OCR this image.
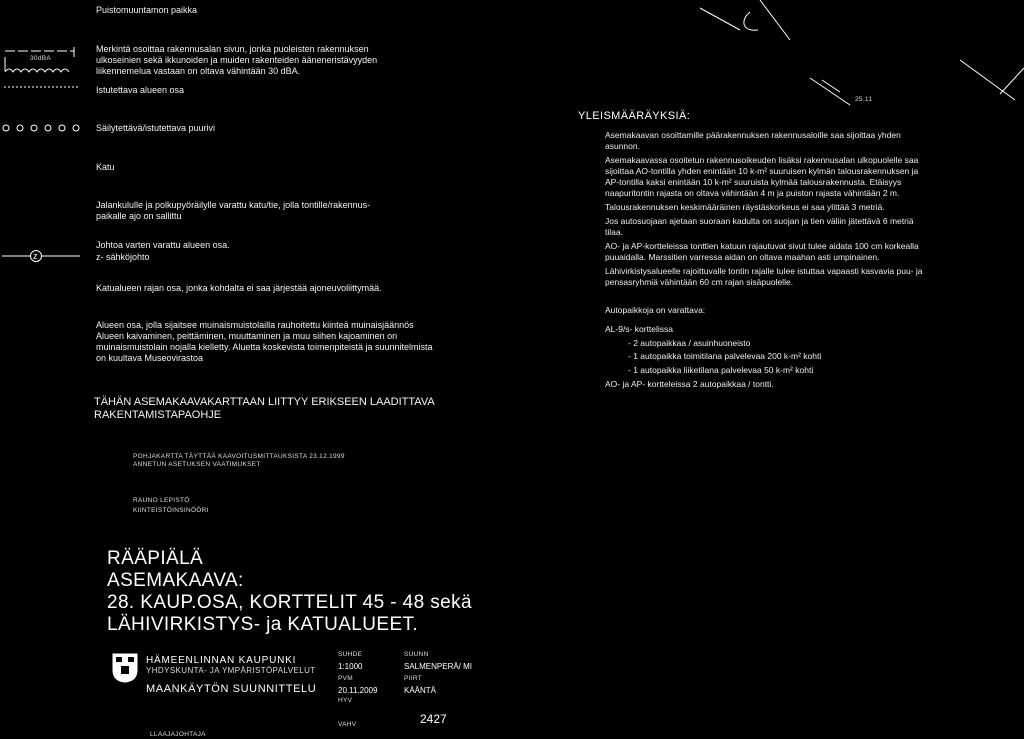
Puistomuuntamon paikka
30dBA
Merkintä osoittaa rakennusalan sivun, jonka puoleisten rakennuksen
ulkoseinien sekä ikkunoiden ja muiden rakenteiden ääneneristävyyden
liikennemelua vastaan on oltava vähintään 30 dBA.
Istutettava alueen osa
Säilytettävä/istutettava puurivi
Katu
Jalankululle ja polkupyöräilylle varattu katu/tie, jolla tontille/rakennus-
paikalle ajo on sallittu
z
Johtoa varten varattu alueen osa.
z- sähköjohto
Katualueen rajan osa, jonka kohdalta ei saa järjestää ajoneuvoliittymää.
Alueen osa, jolla sijaitsee muinaismuistolailla rauhoitettu kiinteä muinaisjäännös
Alueen kaivaminen, peittäminen, muuttaminen ja muu siihen kajoaminen on
muinaismuistolain nojalla kielletty. Aluetta koskevista toimenpiteistä ja suunnitelmista
on kuultava Museovirastoa
TÄHÄN ASEMAKAAVAKARTTAAN LIITTYY ERIKSEEN LAADITTAVA
RAKENTAMISTAPAOHJE
POHJAKARTTA TÄYTTÄÄ KAAVOITUSMITTAUKSISTA 23.12.1999
ANNETUN ASETUKSEN VAATIMUKSET
RAUNO LEPISTÖ
KIINTEISTÖINSINÖÖRI
RÄÄPIÄLÄ
ASEMAKAAVA:
28. KAUP.OSA, KORTTELIT 45 - 48 sekä
LÄHIVIRKISTYS- ja KATUALUEET.
HÄMEENLINNAN KAUPUNKI
YHDYSKUNTA- JA YMPÄRISTÖPALVELUT
MAANKÄYTÖN SUUNNITTELU
LLAAJAJOHTAJA
SUHDE
1:1000
PVM
20.11.2009
HYV
VAHV
SUUNN
SALMENPERÄ/ MI
PIIRT
KÄÄNTÄ
2427
25.11
YLEISMÄÄRÄYKSIÄ:
Asemakaavan osoittamille päärakennuksen rakennusaloille saa sijoittaa yhden
asunnon.
Asemakaavassa osoitetun rakennusoikeuden lisäksi rakennusalan ulkopuolelle saa
sijoittaa AO-tontilla yhden enintään 10 k-m² suuruisen kylmän talousrakennuksen ja
AP-tontilla kaksi enintään 10 k-m² suuruista kylmää talousrakennusta. Etäisyys
naapuritontin rajasta on oltava vähintään 4 m ja puiston rajasta vähintään 2 m.
Talousrakennuksen keskimääräinen räystäskorkeus ei saa ylittää 3 metriä.
Jos autosuojaan ajetaan suoraan kadulta on suojan ja tien väliin jätettävä 6 metriä
tilaa.
AO- ja AP-kortteleissa tonttien katuun rajautuvat sivut tulee aidata 100 cm korkealla
puuaidalla. Marssitien varressa aidan on oltava maahan asti umpinainen.
Lähivirkistysalueelle rajoittuvalle tontin rajalle tulee istuttaa vapaasti kasvavia puu- ja
pensasryhmiä vähintään 60 cm rajan sisäpuolelle.
Autopaikkoja on varattava:
AL-9/s- korttelissa
- 2 autopaikkaa / asuinhuoneisto
- 1 autopaikka toimitilana palvelevaa 200 k-m² kohti
- 1 autopaikka liiketilana palvelevaa 50 k-m² kohti
AO- ja AP- kortteleissa 2 autopaikkaa / tontti.
